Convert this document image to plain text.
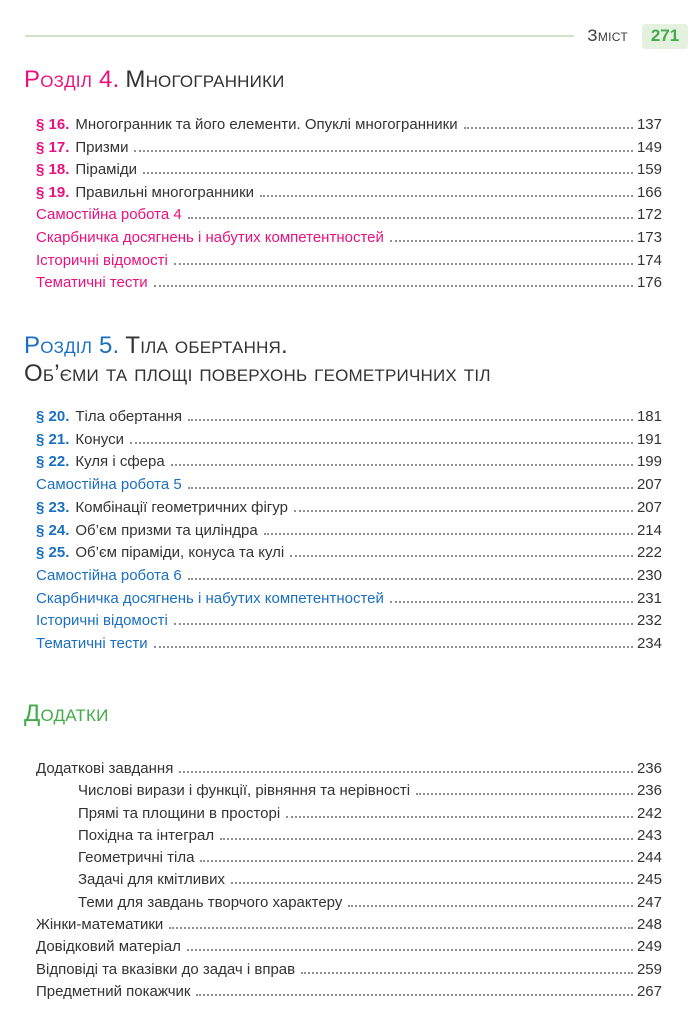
Зміст	271
Розділ 4. Многогранники
§ 16. Многогранник та його елементи. Опуклі многогранники	137
§ 17. Призми	149
§ 18. Піраміди	159
§ 19. Правильні многогранники	166
Самостійна робота 4	172
Скарбничка досягнень і набутих компетентностей	173
Історичні відомості	174
Тематичні тести	176
Розділ 5. Тіла обертання.
Об’єми та площі поверхонь геометричних тіл
§ 20. Тіла обертання	181
§ 21. Конуси	191
§ 22. Куля і сфера	199
Самостійна робота 5	207
§ 23. Комбінації геометричних фігур	207
§ 24. Об’єм призми та циліндра	214
§ 25. Об’єм піраміди, конуса та кулі	222
Самостійна робота 6	230
Скарбничка досягнень і набутих компетентностей	231
Історичні відомості	232
Тематичні тести	234
Додатки
Додаткові завдання	236
Числові вирази і функції, рівняння та нерівності	236
Прямі та площини в просторі	242
Похідна та інтеграл	243
Геометричні тіла	244
Задачі для кмітливих	245
Теми для завдань творчого характеру	247
Жінки-математики	248
Довідковий матеріал	249
Відповіді та вказівки до задач і вправ	259
Предметний покажчик	267
